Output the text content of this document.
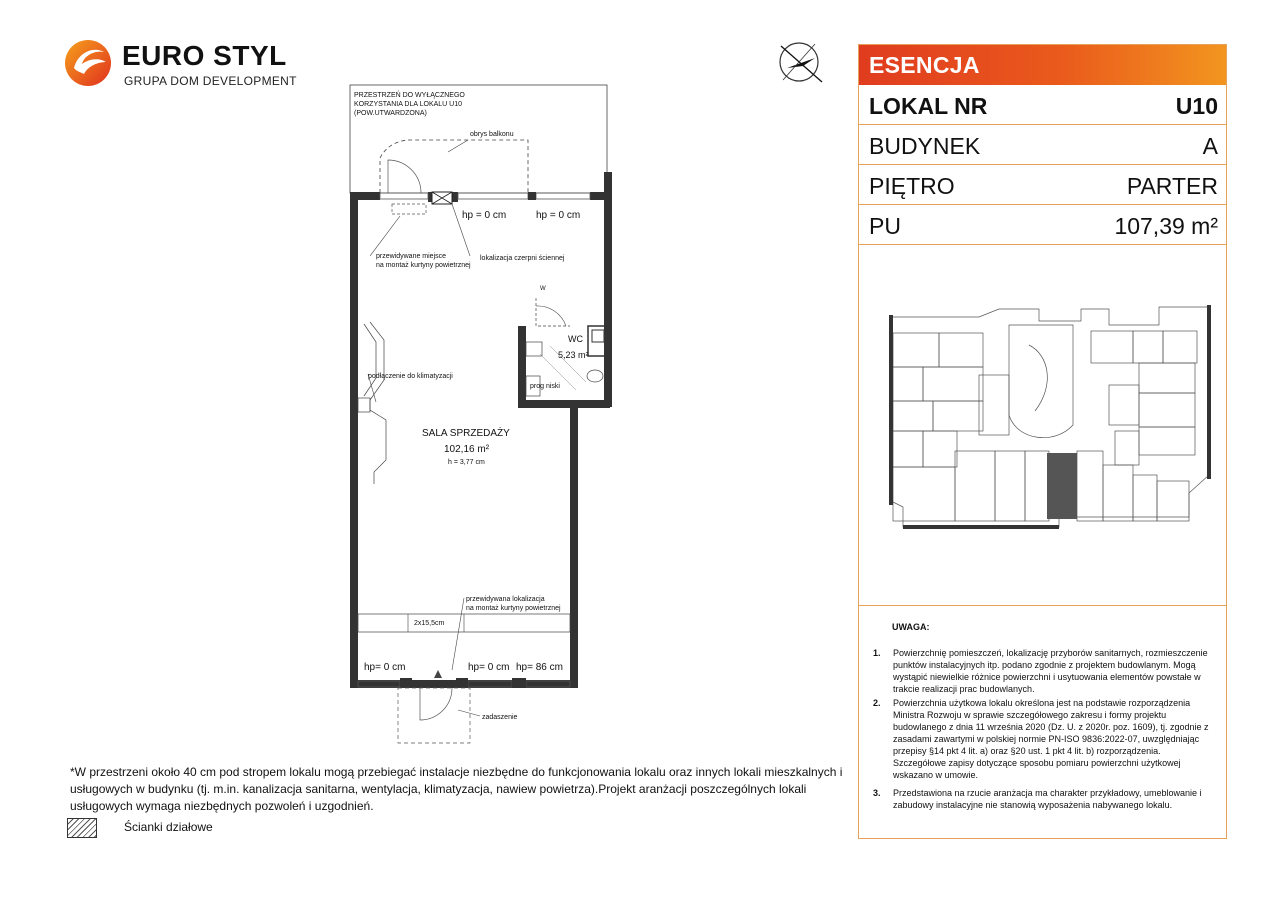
EURO STYL
GRUPA DOM DEVELOPMENT
PRZESTRZEŃ DO WYŁĄCZNEGO
KORZYSTANIA DLA LOKALU U10
(POW.UTWARDZONA)
obrys balkonu
hp = 0 cm	hp = 0 cm
przewidywane miejsce
na montaż kurtyny powietrznej
lokalizacja czerpni ściennej
W
WC
5,23 m²
prog niski
podłączenie do klimatyzacji
SALA SPRZEDAŻY
102,16 m²
h = 3,77 cm
2x15,5cm
przewidywana lokalizacja
na montaż kurtyny powietrznej
hp= 0 cm	hp= 0 cm hp= 86 cm
zadaszenie
ESENCJA
LOKAL NR	U10
BUDYNEK	A
PIĘTRO	PARTER
PU	107,39 m²
UWAGA:
1. Powierzchnię pomieszczeń, lokalizację przyborów sanitarnych, rozmieszczenie punktów instalacyjnych itp. podano zgodnie z projektem budowlanym. Mogą wystąpić niewielkie różnice powierzchni i usytuowania elementów powstałe w trakcie realizacji prac budowlanych.
2. Powierzchnia użytkowa lokalu określona jest na podstawie rozporządzenia Ministra Rozwoju w sprawie szczegółowego zakresu i formy projektu budowlanego z dnia 11 września 2020 (Dz. U. z 2020r. poz. 1609), tj. zgodnie z zasadami zawartymi w polskiej normie PN-ISO 9836:2022-07, uwzględniając przepisy §14 pkt 4 lit. a) oraz §20 ust. 1 pkt 4 lit. b) rozporządzenia. Szczegółowe zapisy dotyczące sposobu pomiaru powierzchni użytkowej wskazano w umowie.
3. Przedstawiona na rzucie aranżacja ma charakter przykładowy, umeblowanie i zabudowy instalacyjne nie stanowią wyposażenia nabywanego lokalu.
*W przestrzeni około 40 cm pod stropem lokalu mogą przebiegać instalacje niezbędne do funkcjonowania lokalu oraz innych lokali mieszkalnych i usługowych w budynku (tj. m.in. kanalizacja sanitarna, wentylacja, klimatyzacja, nawiew powietrza).Projekt aranżacji poszczególnych lokali usługowych wymaga niezbędnych pozwoleń i uzgodnień.
Ścianki działowe
